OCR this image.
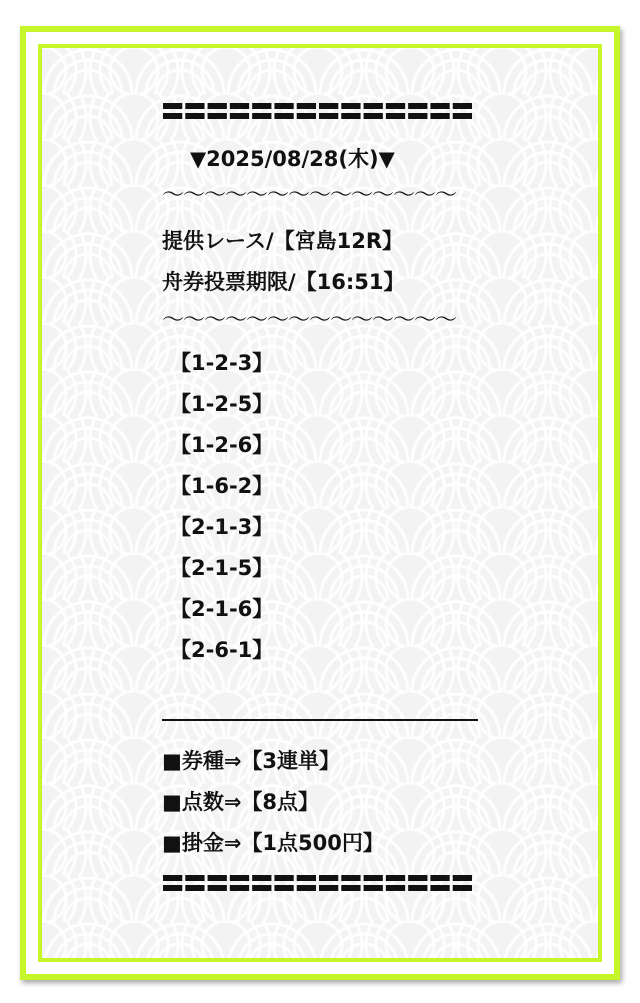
▼2025/08/28(木)▼
〜〜〜〜〜〜〜〜〜〜〜〜〜〜
提供レース/【宮島12R】
舟券投票期限/【16:51】
〜〜〜〜〜〜〜〜〜〜〜〜〜〜
【1-2-3】
【1-2-5】
【1-2-6】
【1-6-2】
【2-1-3】
【2-1-5】
【2-1-6】
【2-6-1】
■券種⇒【3連単】
■点数⇒【8点】
■掛金⇒【1点500円】
